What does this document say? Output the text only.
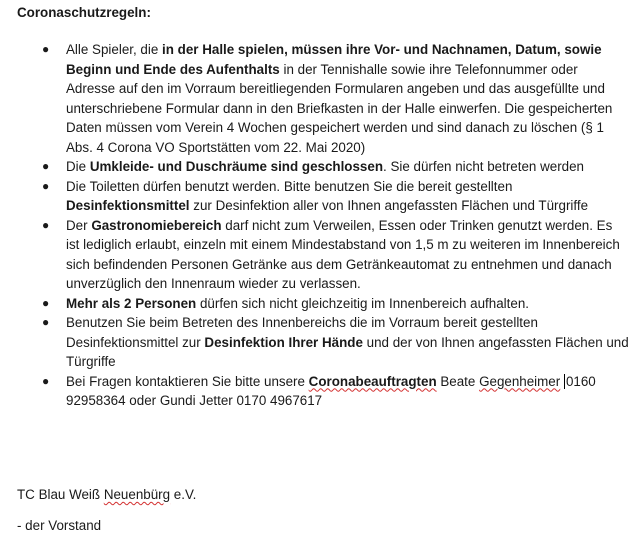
Coronaschutzregeln:
● Alle Spieler, die in der Halle spielen, müssen ihre Vor- und Nachnamen, Datum, sowie Beginn und Ende des Aufenthalts in der Tennishalle sowie ihre Telefonnummer oder Adresse auf den im Vorraum bereitliegenden Formularen angeben und das ausgefüllte und unterschriebene Formular dann in den Briefkasten in der Halle einwerfen. Die gespeicherten Daten müssen vom Verein 4 Wochen gespeichert werden und sind danach zu löschen (§ 1 Abs. 4 Corona VO Sportstätten vom 22. Mai 2020)
● Die Umkleide- und Duschräume sind geschlossen. Sie dürfen nicht betreten werden
● Die Toiletten dürfen benutzt werden. Bitte benutzen Sie die bereit gestellten Desinfektionsmittel zur Desinfektion aller von Ihnen angefassten Flächen und Türgriffe
● Der Gastronomiebereich darf nicht zum Verweilen, Essen oder Trinken genutzt werden. Es ist lediglich erlaubt, einzeln mit einem Mindestabstand von 1,5 m zu weiteren im Innenbereich sich befindenden Personen Getränke aus dem Getränkeautomat zu entnehmen und danach unverzüglich den Innenraum wieder zu verlassen.
● Mehr als 2 Personen dürfen sich nicht gleichzeitig im Innenbereich aufhalten.
● Benutzen Sie beim Betreten des Innenbereichs die im Vorraum bereit gestellten Desinfektionsmittel zur Desinfektion Ihrer Hände und der von Ihnen angefassten Flächen und Türgriffe
● Bei Fragen kontaktieren Sie bitte unsere Coronabeauftragten Beate Gegenheimer 0160 92958364 oder Gundi Jetter 0170 4967617
TC Blau Weiß Neuenbürg e.V.
- der Vorstand
